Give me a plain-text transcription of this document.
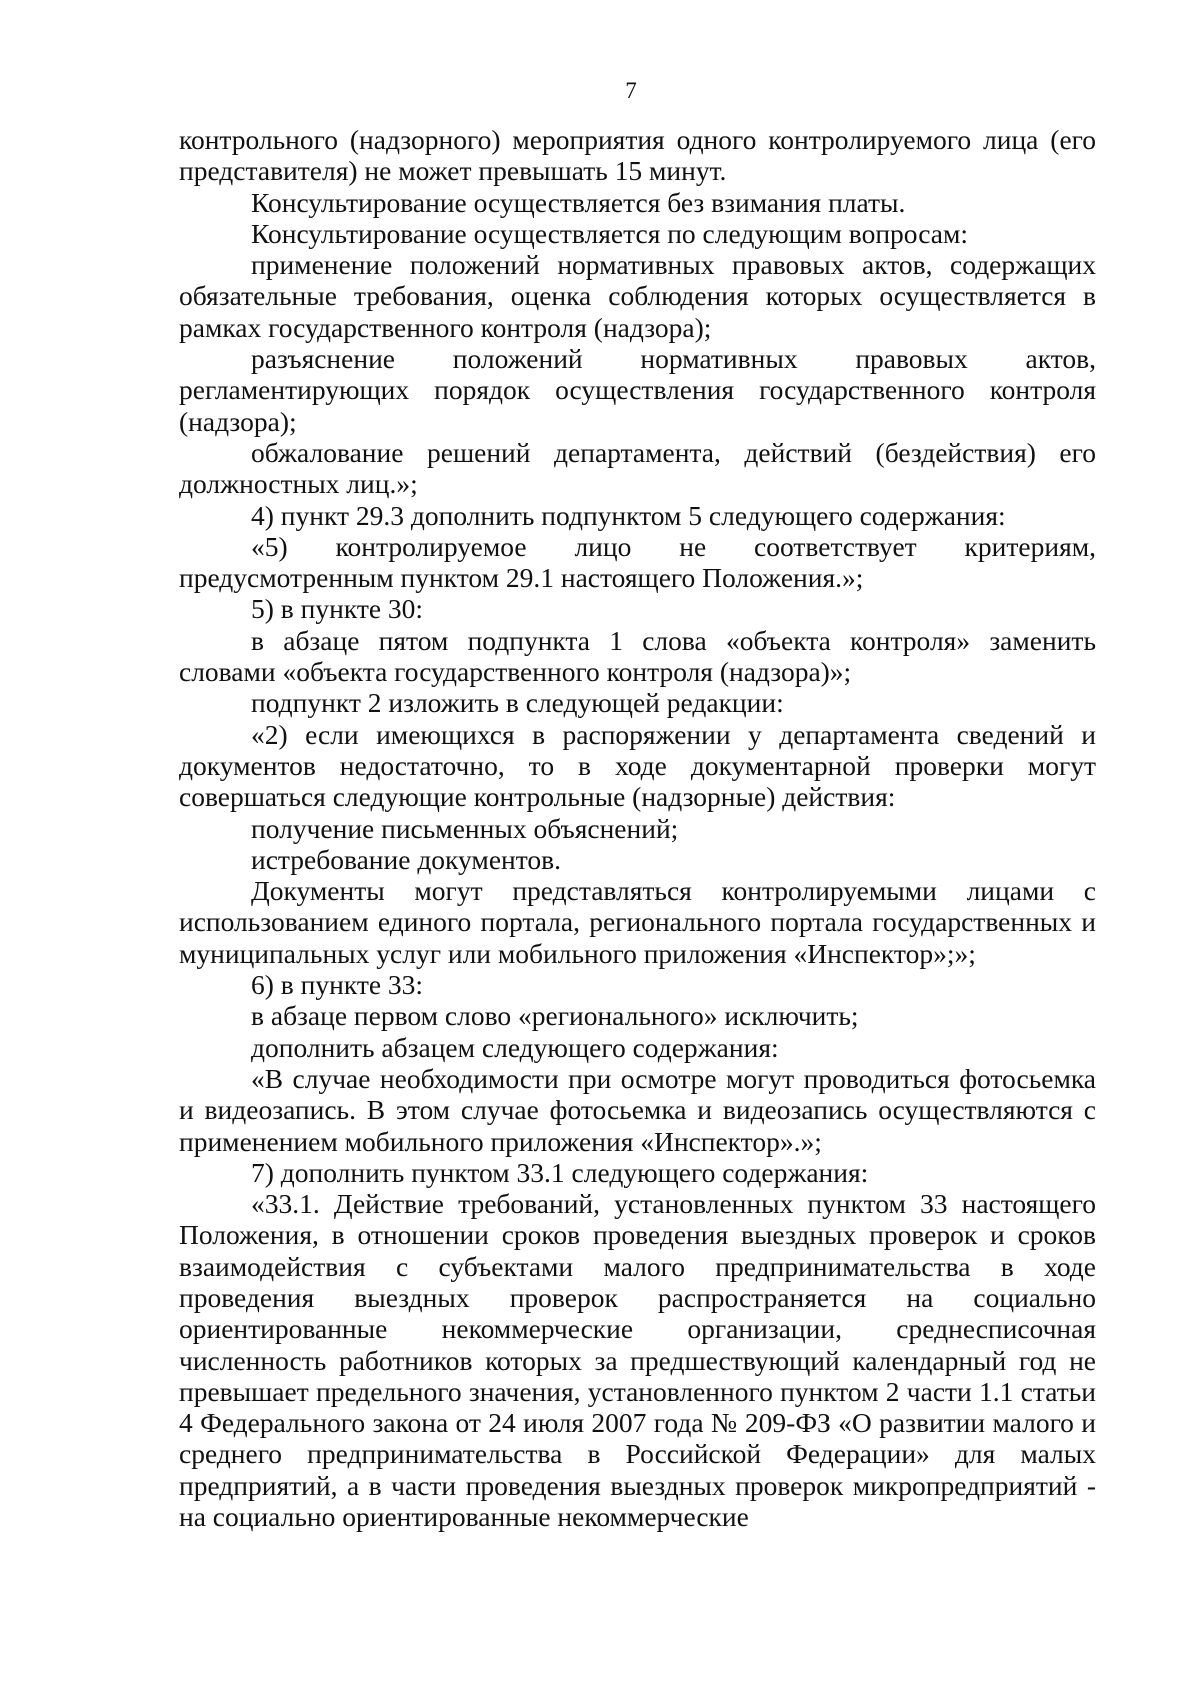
7

контрольного (надзорного) мероприятия одного контролируемого лица (его представителя) не может превышать 15 минут.

Консультирование осуществляется без взимания платы.

Консультирование осуществляется по следующим вопросам:

применение положений нормативных правовых актов, содержащих обязательные требования, оценка соблюдения которых осуществляется в рамках государственного контроля (надзора);

разъяснение положений нормативных правовых актов, регламентирующих порядок осуществления государственного контроля (надзора);

обжалование решений департамента, действий (бездействия) его должностных лиц.»;

4) пункт 29.3 дополнить подпунктом 5 следующего содержания:

«5) контролируемое лицо не соответствует критериям, предусмотренным пунктом 29.1 настоящего Положения.»;

5) в пункте 30:

в абзаце пятом подпункта 1 слова «объекта контроля» заменить словами «объекта государственного контроля (надзора)»;

подпункт 2 изложить в следующей редакции:

«2) если имеющихся в распоряжении у департамента сведений и документов недостаточно, то в ходе документарной проверки могут совершаться следующие контрольные (надзорные) действия:

получение письменных объяснений;

истребование документов.

Документы могут представляться контролируемыми лицами с использованием единого портала, регионального портала государственных и муниципальных услуг или мобильного приложения «Инспектор»;»;

6) в пункте 33:

в абзаце первом слово «регионального» исключить;

дополнить абзацем следующего содержания:

«В случае необходимости при осмотре могут проводиться фотосьемка и видеозапись. В этом случае фотосьемка и видеозапись осуществляются с применением мобильного приложения «Инспектор».»;

7) дополнить пунктом 33.1 следующего содержания:

«33.1. Действие требований, установленных пунктом 33 настоящего Положения, в отношении сроков проведения выездных проверок и сроков взаимодействия с субъектами малого предпринимательства в ходе проведения выездных проверок распространяется на социально ориентированные некоммерческие организации, среднесписочная численность работников которых за предшествующий календарный год не превышает предельного значения, установленного пунктом 2 части 1.1 статьи 4 Федерального закона от 24 июля 2007 года № 209-ФЗ «О развитии малого и среднего предпринимательства в Российской Федерации» для малых предприятий, а в части проведения выездных проверок микропредприятий - на социально ориентированные некоммерческие
